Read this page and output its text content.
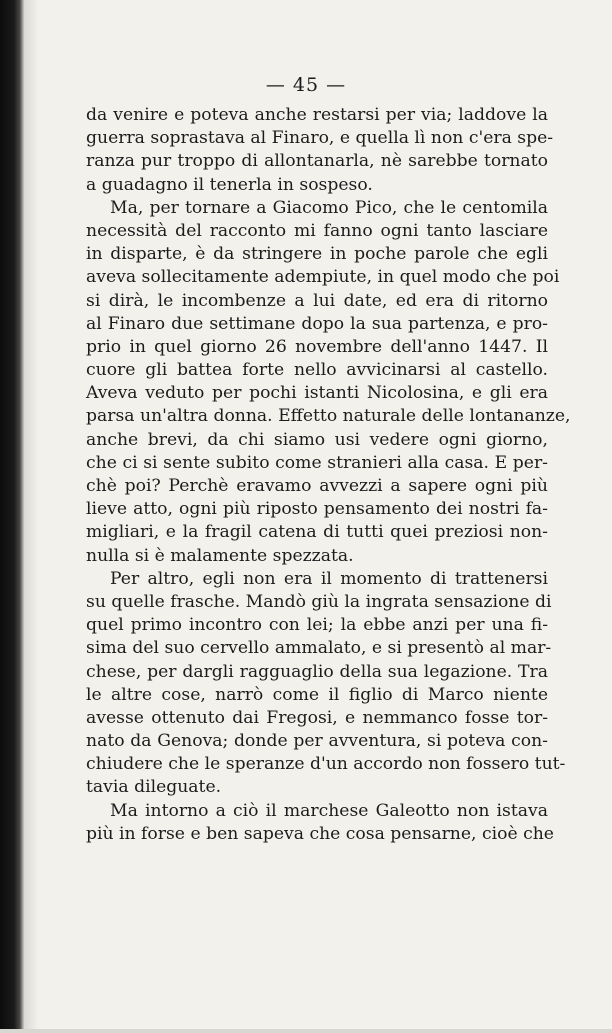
— 45 —
da venire e poteva anche restarsi per via; laddove la
guerra soprastava al Finaro, e quella lì non c'era spe-
ranza pur troppo di allontanarla, nè sarebbe tornato
a guadagno il tenerla in sospeso.
Ma, per tornare a Giacomo Pico, che le centomila
necessità del racconto mi fanno ogni tanto lasciare
in disparte, è da stringere in poche parole che egli
aveva sollecitamente adempiute, in quel modo che poi
si dirà, le incombenze a lui date, ed era di ritorno
al Finaro due settimane dopo la sua partenza, e pro-
prio in quel giorno 26 novembre dell'anno 1447. Il
cuore gli battea forte nello avvicinarsi al castello.
Aveva veduto per pochi istanti Nicolosina, e gli era
parsa un'altra donna. Effetto naturale delle lontananze,
anche brevi, da chi siamo usi vedere ogni giorno,
che ci si sente subito come stranieri alla casa. E per-
chè poi? Perchè eravamo avvezzi a sapere ogni più
lieve atto, ogni più riposto pensamento dei nostri fa-
migliari, e la fragil catena di tutti quei preziosi non-
nulla si è malamente spezzata.
Per altro, egli non era il momento di trattenersi
su quelle frasche. Mandò giù la ingrata sensazione di
quel primo incontro con lei; la ebbe anzi per una fi-
sima del suo cervello ammalato, e si presentò al mar-
chese, per dargli ragguaglio della sua legazione. Tra
le altre cose, narrò come il figlio di Marco niente
avesse ottenuto dai Fregosi, e nemmanco fosse tor-
nato da Genova; donde per avventura, si poteva con-
chiudere che le speranze d'un accordo non fossero tut-
tavia dileguate.
Ma intorno a ciò il marchese Galeotto non istava
più in forse e ben sapeva che cosa pensarne, cioè che
